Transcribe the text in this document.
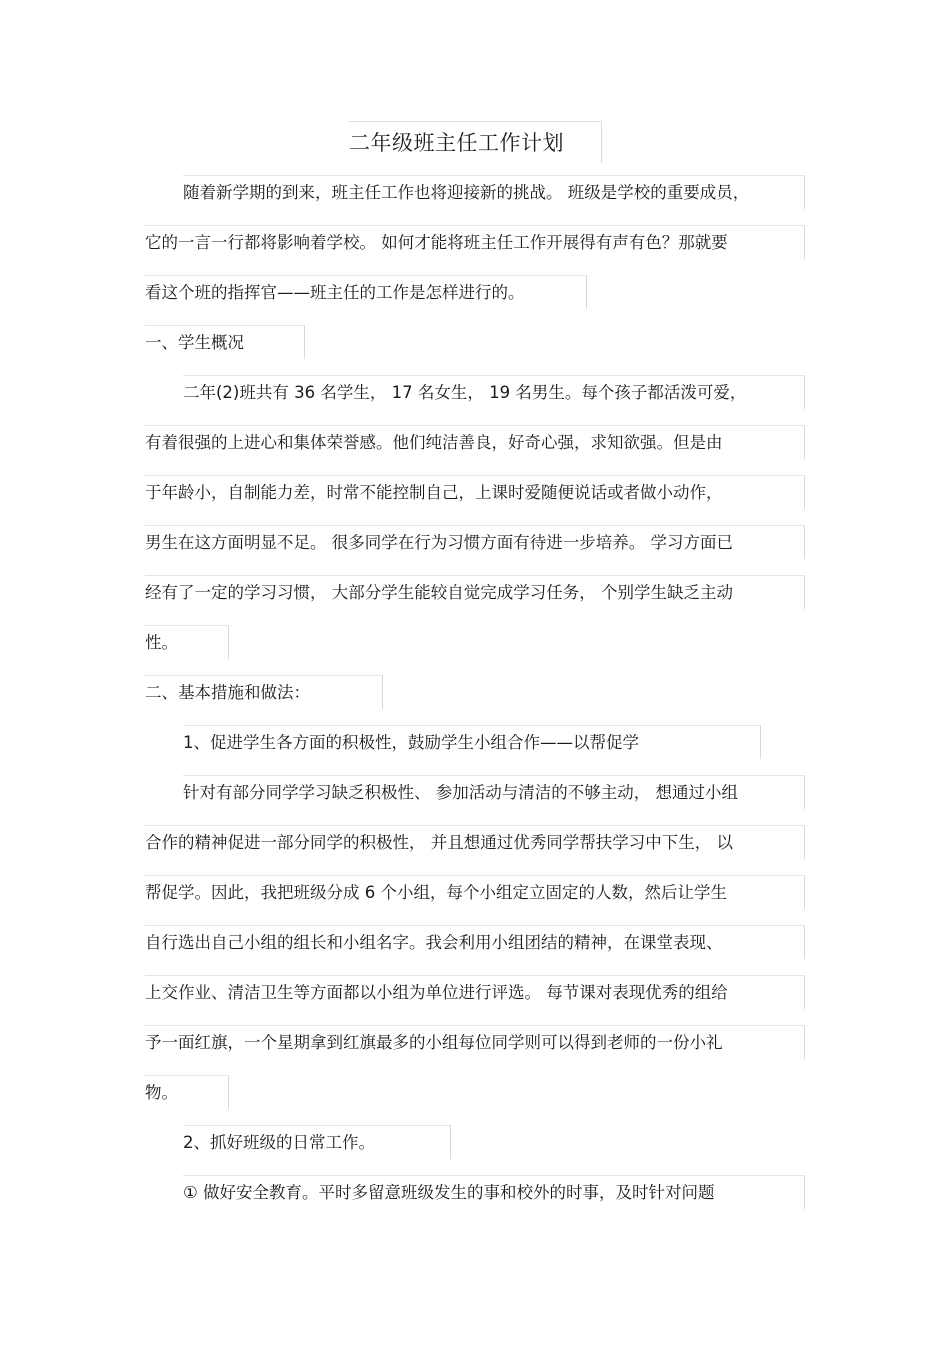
二年级班主任工作计划
随着新学期的到来，班主任工作也将迎接新的挑战。 班级是学校的重要成员，
它的一言一行都将影响着学校。 如何才能将班主任工作开展得有声有色？那就要
看这个班的指挥官——班主任的工作是怎样进行的。
一、学生概况
二年(2)班共有 36 名学生， 17 名女生， 19 名男生。每个孩子都活泼可爱，
有着很强的上进心和集体荣誉感。他们纯洁善良，好奇心强，求知欲强。但是由
于年龄小，自制能力差，时常不能控制自己，上课时爱随便说话或者做小动作，
男生在这方面明显不足。 很多同学在行为习惯方面有待进一步培养。 学习方面已
经有了一定的学习习惯， 大部分学生能较自觉完成学习任务， 个别学生缺乏主动
性。
二、基本措施和做法：
1、促进学生各方面的积极性，鼓励学生小组合作——以帮促学
针对有部分同学学习缺乏积极性、 参加活动与清洁的不够主动， 想通过小组
合作的精神促进一部分同学的积极性， 并且想通过优秀同学帮扶学习中下生， 以
帮促学。因此，我把班级分成 6 个小组，每个小组定立固定的人数，然后让学生
自行选出自己小组的组长和小组名字。我会利用小组团结的精神，在课堂表现、
上交作业、清洁卫生等方面都以小组为单位进行评选。 每节课对表现优秀的组给
予一面红旗，一个星期拿到红旗最多的小组每位同学则可以得到老师的一份小礼
物。
2、抓好班级的日常工作。
① 做好安全教育。平时多留意班级发生的事和校外的时事，及时针对问题
